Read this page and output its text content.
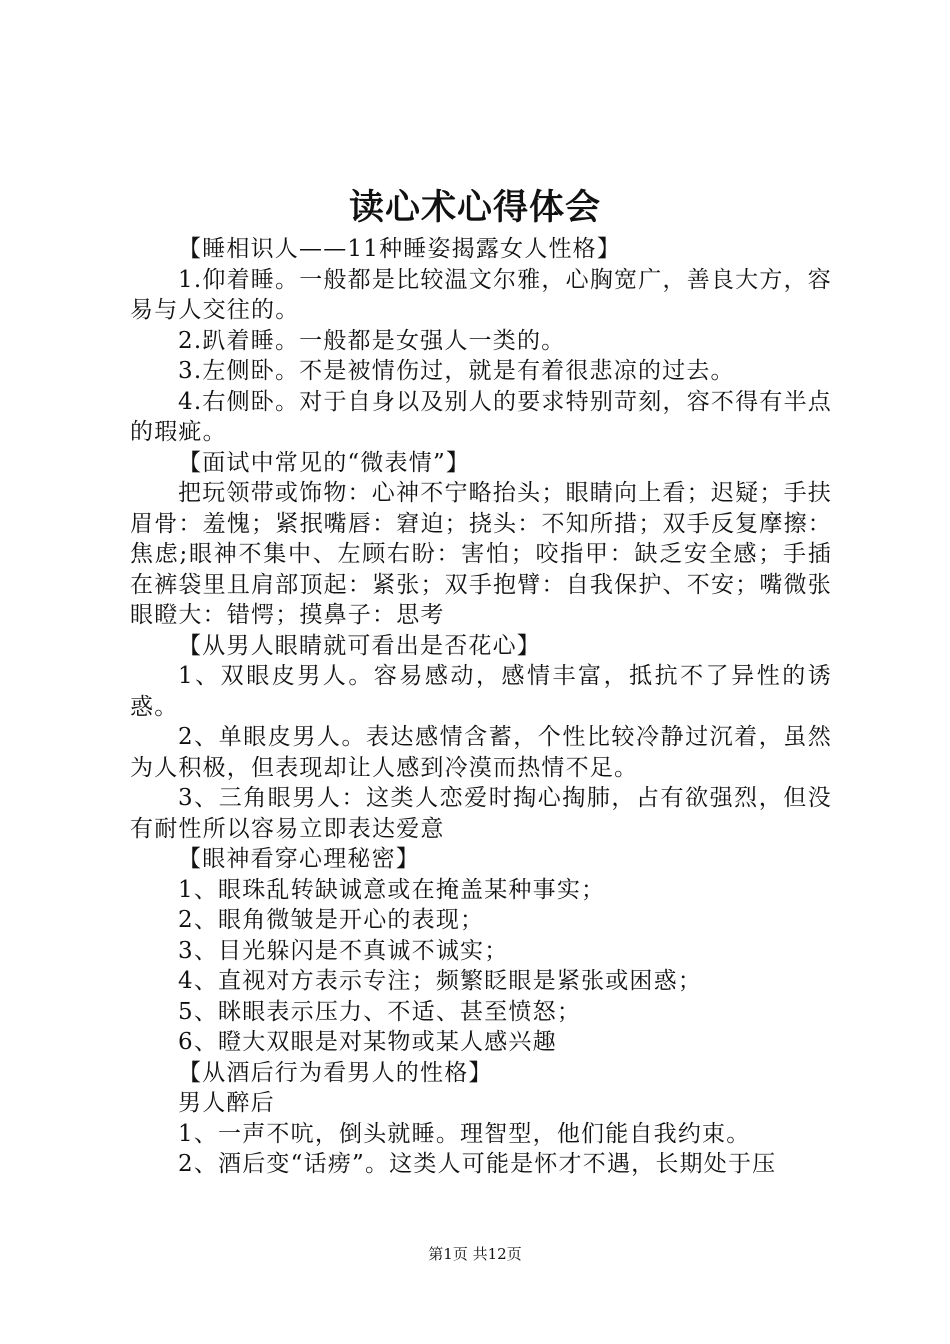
读心术心得体会

【睡相识人——11种睡姿揭露女人性格】

1.仰着睡。一般都是比较温文尔雅，心胸宽广，善良大方，容易与人交往的。

2.趴着睡。一般都是女强人一类的。

3.左侧卧。不是被情伤过，就是有着很悲凉的过去。

4.右侧卧。对于自身以及别人的要求特别苛刻，容不得有半点的瑕疵。

【面试中常见的“微表情”】

把玩领带或饰物：心神不宁略抬头；眼睛向上看；迟疑；手扶眉骨：羞愧；紧抿嘴唇：窘迫；挠头：不知所措；双手反复摩擦：焦虑;眼神不集中、左顾右盼：害怕；咬指甲：缺乏安全感；手插在裤袋里且肩部顶起：紧张；双手抱臂：自我保护、不安；嘴微张眼瞪大：错愕；摸鼻子：思考

【从男人眼睛就可看出是否花心】

1、双眼皮男人。容易感动，感情丰富，抵抗不了异性的诱惑。

2、单眼皮男人。表达感情含蓄，个性比较冷静过沉着，虽然为人积极，但表现却让人感到冷漠而热情不足。

3、三角眼男人：这类人恋爱时掏心掏肺，占有欲强烈，但没有耐性所以容易立即表达爱意

【眼神看穿心理秘密】

1、眼珠乱转缺诚意或在掩盖某种事实；

2、眼角微皱是开心的表现；

3、目光躲闪是不真诚不诚实；

4、直视对方表示专注；频繁眨眼是紧张或困惑；

5、眯眼表示压力、不适、甚至愤怒；

6、瞪大双眼是对某物或某人感兴趣

【从酒后行为看男人的性格】

男人醉后

1、一声不吭，倒头就睡。理智型，他们能自我约束。

2、酒后变“话痨”。这类人可能是怀才不遇，长期处于压

第1页 共12页
